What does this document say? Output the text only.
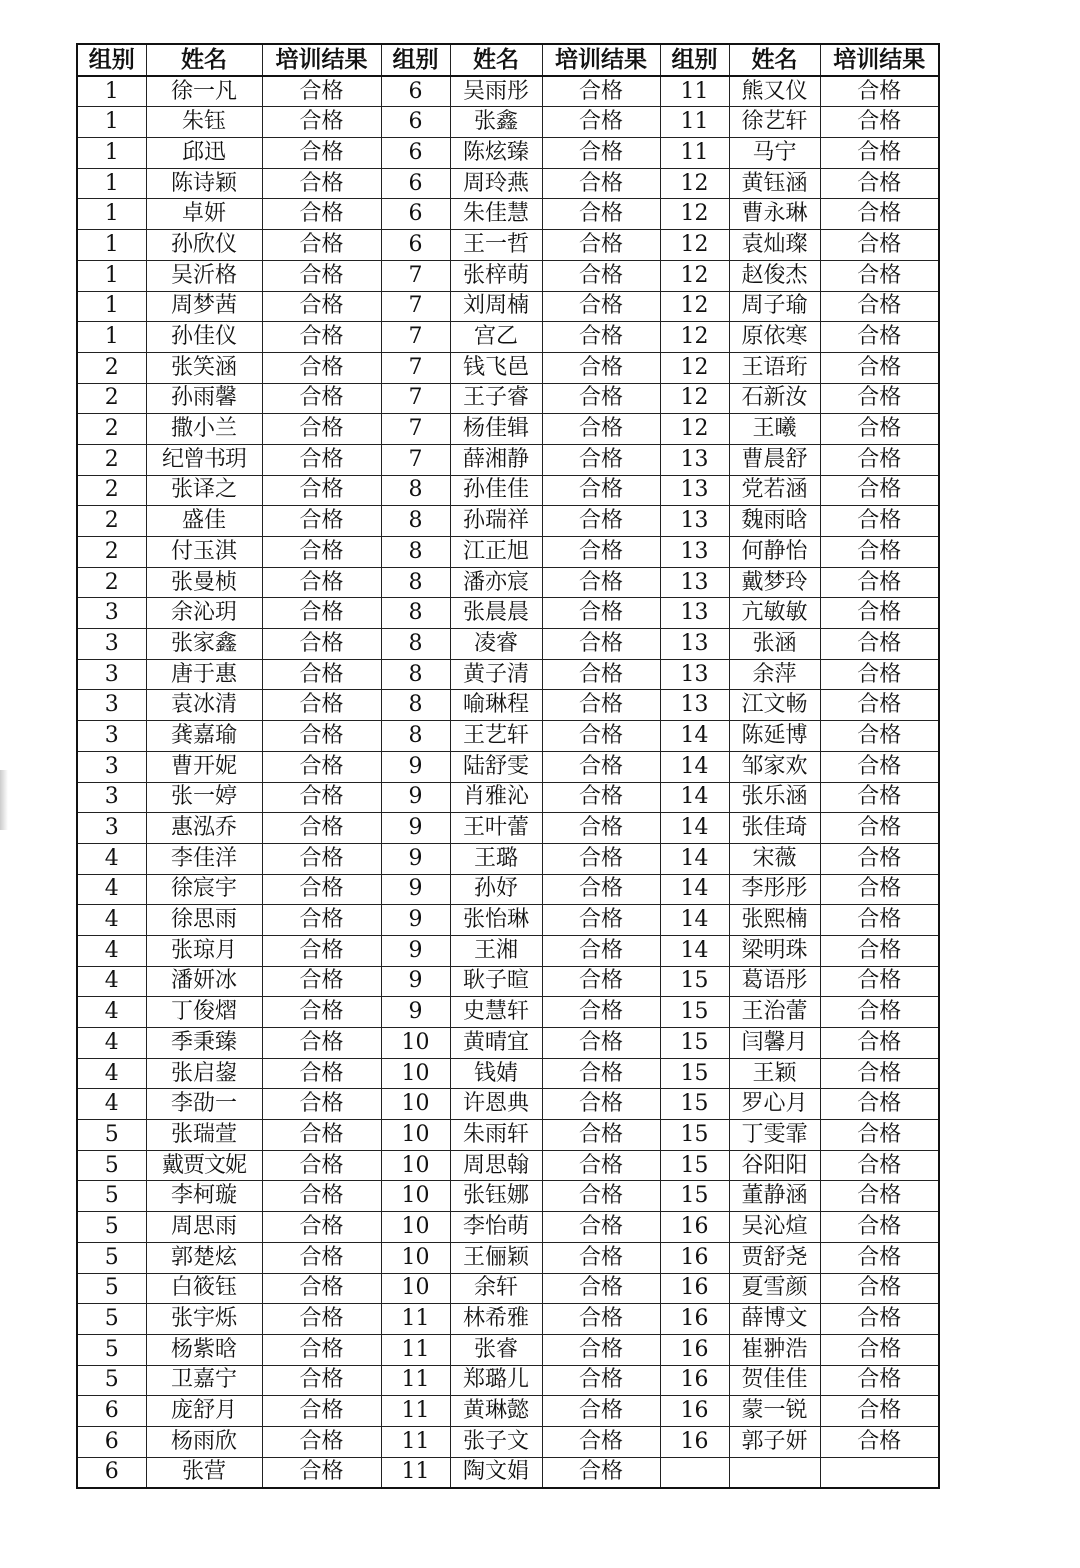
组别	姓名	培训结果	组别	姓名	培训结果	组别	姓名	培训结果
1	徐一凡	合格	6	吴雨彤	合格	11	熊又仪	合格
1	朱钰	合格	6	张鑫	合格	11	徐艺轩	合格
1	邱迅	合格	6	陈炫臻	合格	11	马宁	合格
1	陈诗颖	合格	6	周玲燕	合格	12	黄钰涵	合格
1	卓妍	合格	6	朱佳慧	合格	12	曹永琳	合格
1	孙欣仪	合格	6	王一哲	合格	12	袁灿璨	合格
1	吴沂格	合格	7	张梓萌	合格	12	赵俊杰	合格
1	周梦茜	合格	7	刘周楠	合格	12	周子瑜	合格
1	孙佳仪	合格	7	宫乙	合格	12	原依寒	合格
2	张笑涵	合格	7	钱飞邑	合格	12	王语珩	合格
2	孙雨馨	合格	7	王子睿	合格	12	石新汝	合格
2	撒小兰	合格	7	杨佳辑	合格	12	王曦	合格
2	纪曾书玥	合格	7	薛湘静	合格	13	曹晨舒	合格
2	张译之	合格	8	孙佳佳	合格	13	党若涵	合格
2	盛佳	合格	8	孙瑞祥	合格	13	魏雨晗	合格
2	付玉淇	合格	8	江正旭	合格	13	何静怡	合格
2	张曼桢	合格	8	潘亦宸	合格	13	戴梦玲	合格
3	余沁玥	合格	8	张晨晨	合格	13	亢敏敏	合格
3	张家鑫	合格	8	凌睿	合格	13	张涵	合格
3	唐于惠	合格	8	黄子清	合格	13	余萍	合格
3	袁冰清	合格	8	喻琳程	合格	13	江文畅	合格
3	龚嘉瑜	合格	8	王艺轩	合格	14	陈延博	合格
3	曹开妮	合格	9	陆舒雯	合格	14	邹家欢	合格
3	张一婷	合格	9	肖雅沁	合格	14	张乐涵	合格
3	惠泓乔	合格	9	王叶蕾	合格	14	张佳琦	合格
4	李佳洋	合格	9	王璐	合格	14	宋薇	合格
4	徐宸宇	合格	9	孙妤	合格	14	李彤彤	合格
4	徐思雨	合格	9	张怡琳	合格	14	张熙楠	合格
4	张琼月	合格	9	王湘	合格	14	梁明珠	合格
4	潘妍冰	合格	9	耿子暄	合格	15	葛语彤	合格
4	丁俊熠	合格	9	史慧轩	合格	15	王治蕾	合格
4	季秉臻	合格	10	黄晴宜	合格	15	闫馨月	合格
4	张启鋆	合格	10	钱婧	合格	15	王颖	合格
4	李劭一	合格	10	许恩典	合格	15	罗心月	合格
5	张瑞萱	合格	10	朱雨轩	合格	15	丁雯霏	合格
5	戴贾文妮	合格	10	周思翰	合格	15	谷阳阳	合格
5	李柯璇	合格	10	张钰娜	合格	15	董静涵	合格
5	周思雨	合格	10	李怡萌	合格	16	吴沁煊	合格
5	郭楚炫	合格	10	王俪颖	合格	16	贾舒尧	合格
5	白筱钰	合格	10	余轩	合格	16	夏雪颜	合格
5	张宇烁	合格	11	林希雅	合格	16	薛博文	合格
5	杨紫晗	合格	11	张睿	合格	16	崔翀浩	合格
5	卫嘉宁	合格	11	郑璐儿	合格	16	贺佳佳	合格
6	庞舒月	合格	11	黄琳懿	合格	16	蒙一锐	合格
6	杨雨欣	合格	11	张子文	合格	16	郭子妍	合格
6	张营	合格	11	陶文娟	合格			
